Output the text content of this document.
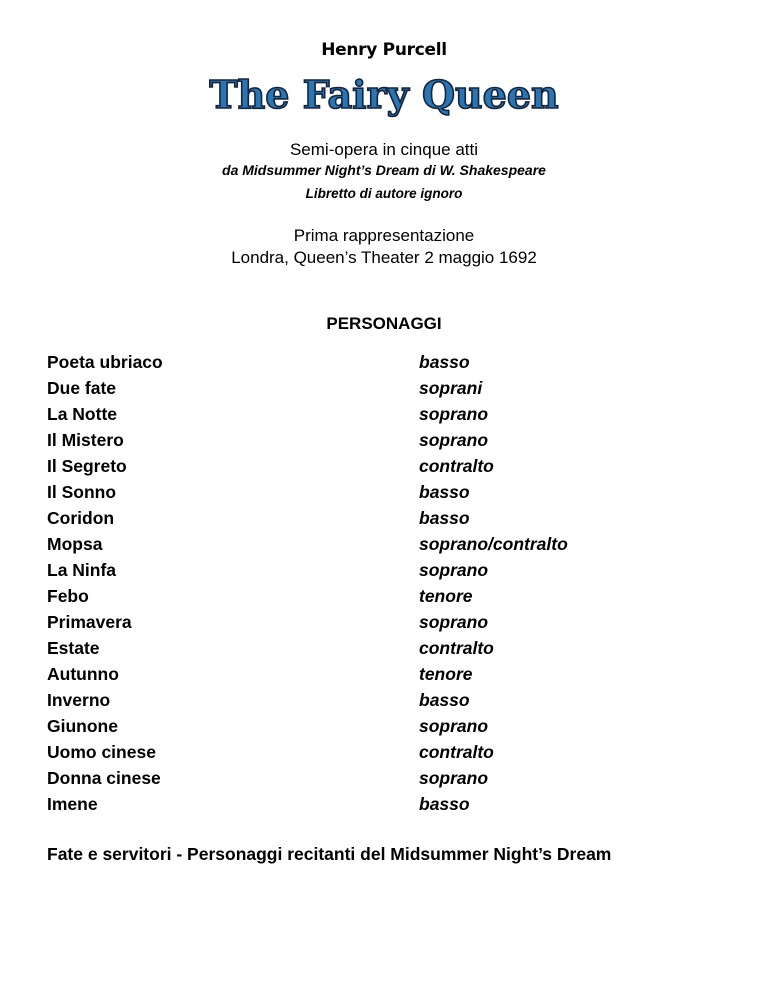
Henry Purcell
The Fairy Queen
Semi-opera in cinque atti
da Midsummer Night’s Dream di W. Shakespeare
Libretto di autore ignoro
Prima rappresentazione
Londra, Queen’s Theater 2 maggio 1692
PERSONAGGI
Poeta ubriaco	basso
Due fate	soprani
La Notte	soprano
Il Mistero	soprano
Il Segreto	contralto
Il Sonno	basso
Coridon	basso
Mopsa	soprano/contralto
La Ninfa	soprano
Febo	tenore
Primavera	soprano
Estate	contralto
Autunno	tenore
Inverno	basso
Giunone	soprano
Uomo cinese	contralto
Donna cinese	soprano
Imene	basso
Fate e servitori - Personaggi recitanti del Midsummer Night’s Dream
